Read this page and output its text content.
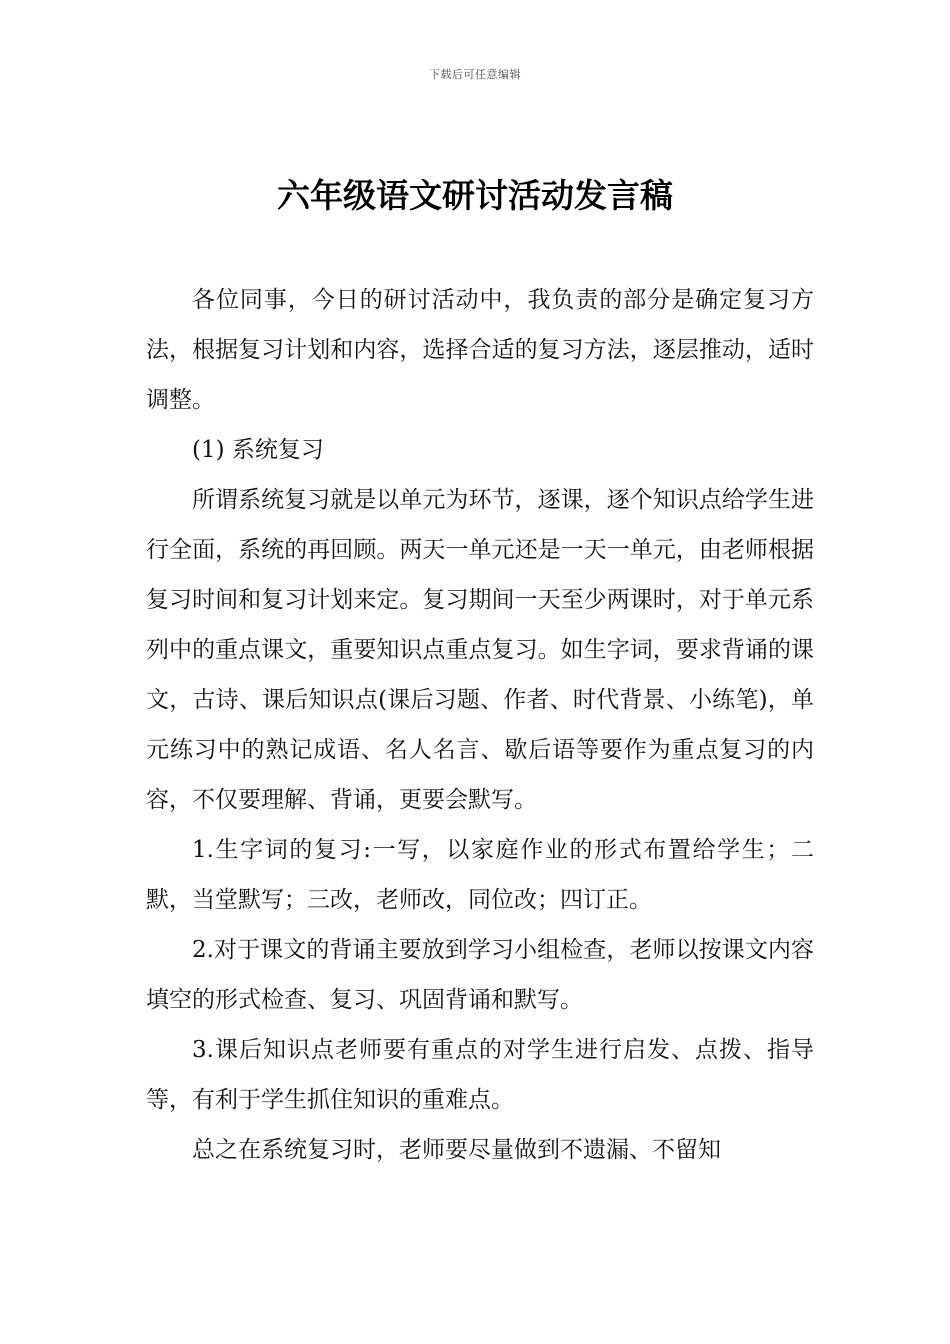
下载后可任意编辑
六年级语文研讨活动发言稿

各位同事，今日的研讨活动中，我负责的部分是确定复习方法，根据复习计划和内容，选择合适的复习方法，逐层推动，适时调整。

(1) 系统复习

所谓系统复习就是以单元为环节，逐课，逐个知识点给学生进行全面，系统的再回顾。两天一单元还是一天一单元，由老师根据复习时间和复习计划来定。复习期间一天至少两课时，对于单元系列中的重点课文，重要知识点重点复习。如生字词，要求背诵的课文，古诗、课后知识点(课后习题、作者、时代背景、小练笔)，单元练习中的熟记成语、名人名言、歇后语等要作为重点复习的内容，不仅要理解、背诵，更要会默写。

1.生字词的复习:一写，以家庭作业的形式布置给学生；二默，当堂默写；三改，老师改，同位改；四订正。

2.对于课文的背诵主要放到学习小组检查，老师以按课文内容填空的形式检查、复习、巩固背诵和默写。

3.课后知识点老师要有重点的对学生进行启发、点拨、指导等，有利于学生抓住知识的重难点。

总之在系统复习时，老师要尽量做到不遗漏、不留知
